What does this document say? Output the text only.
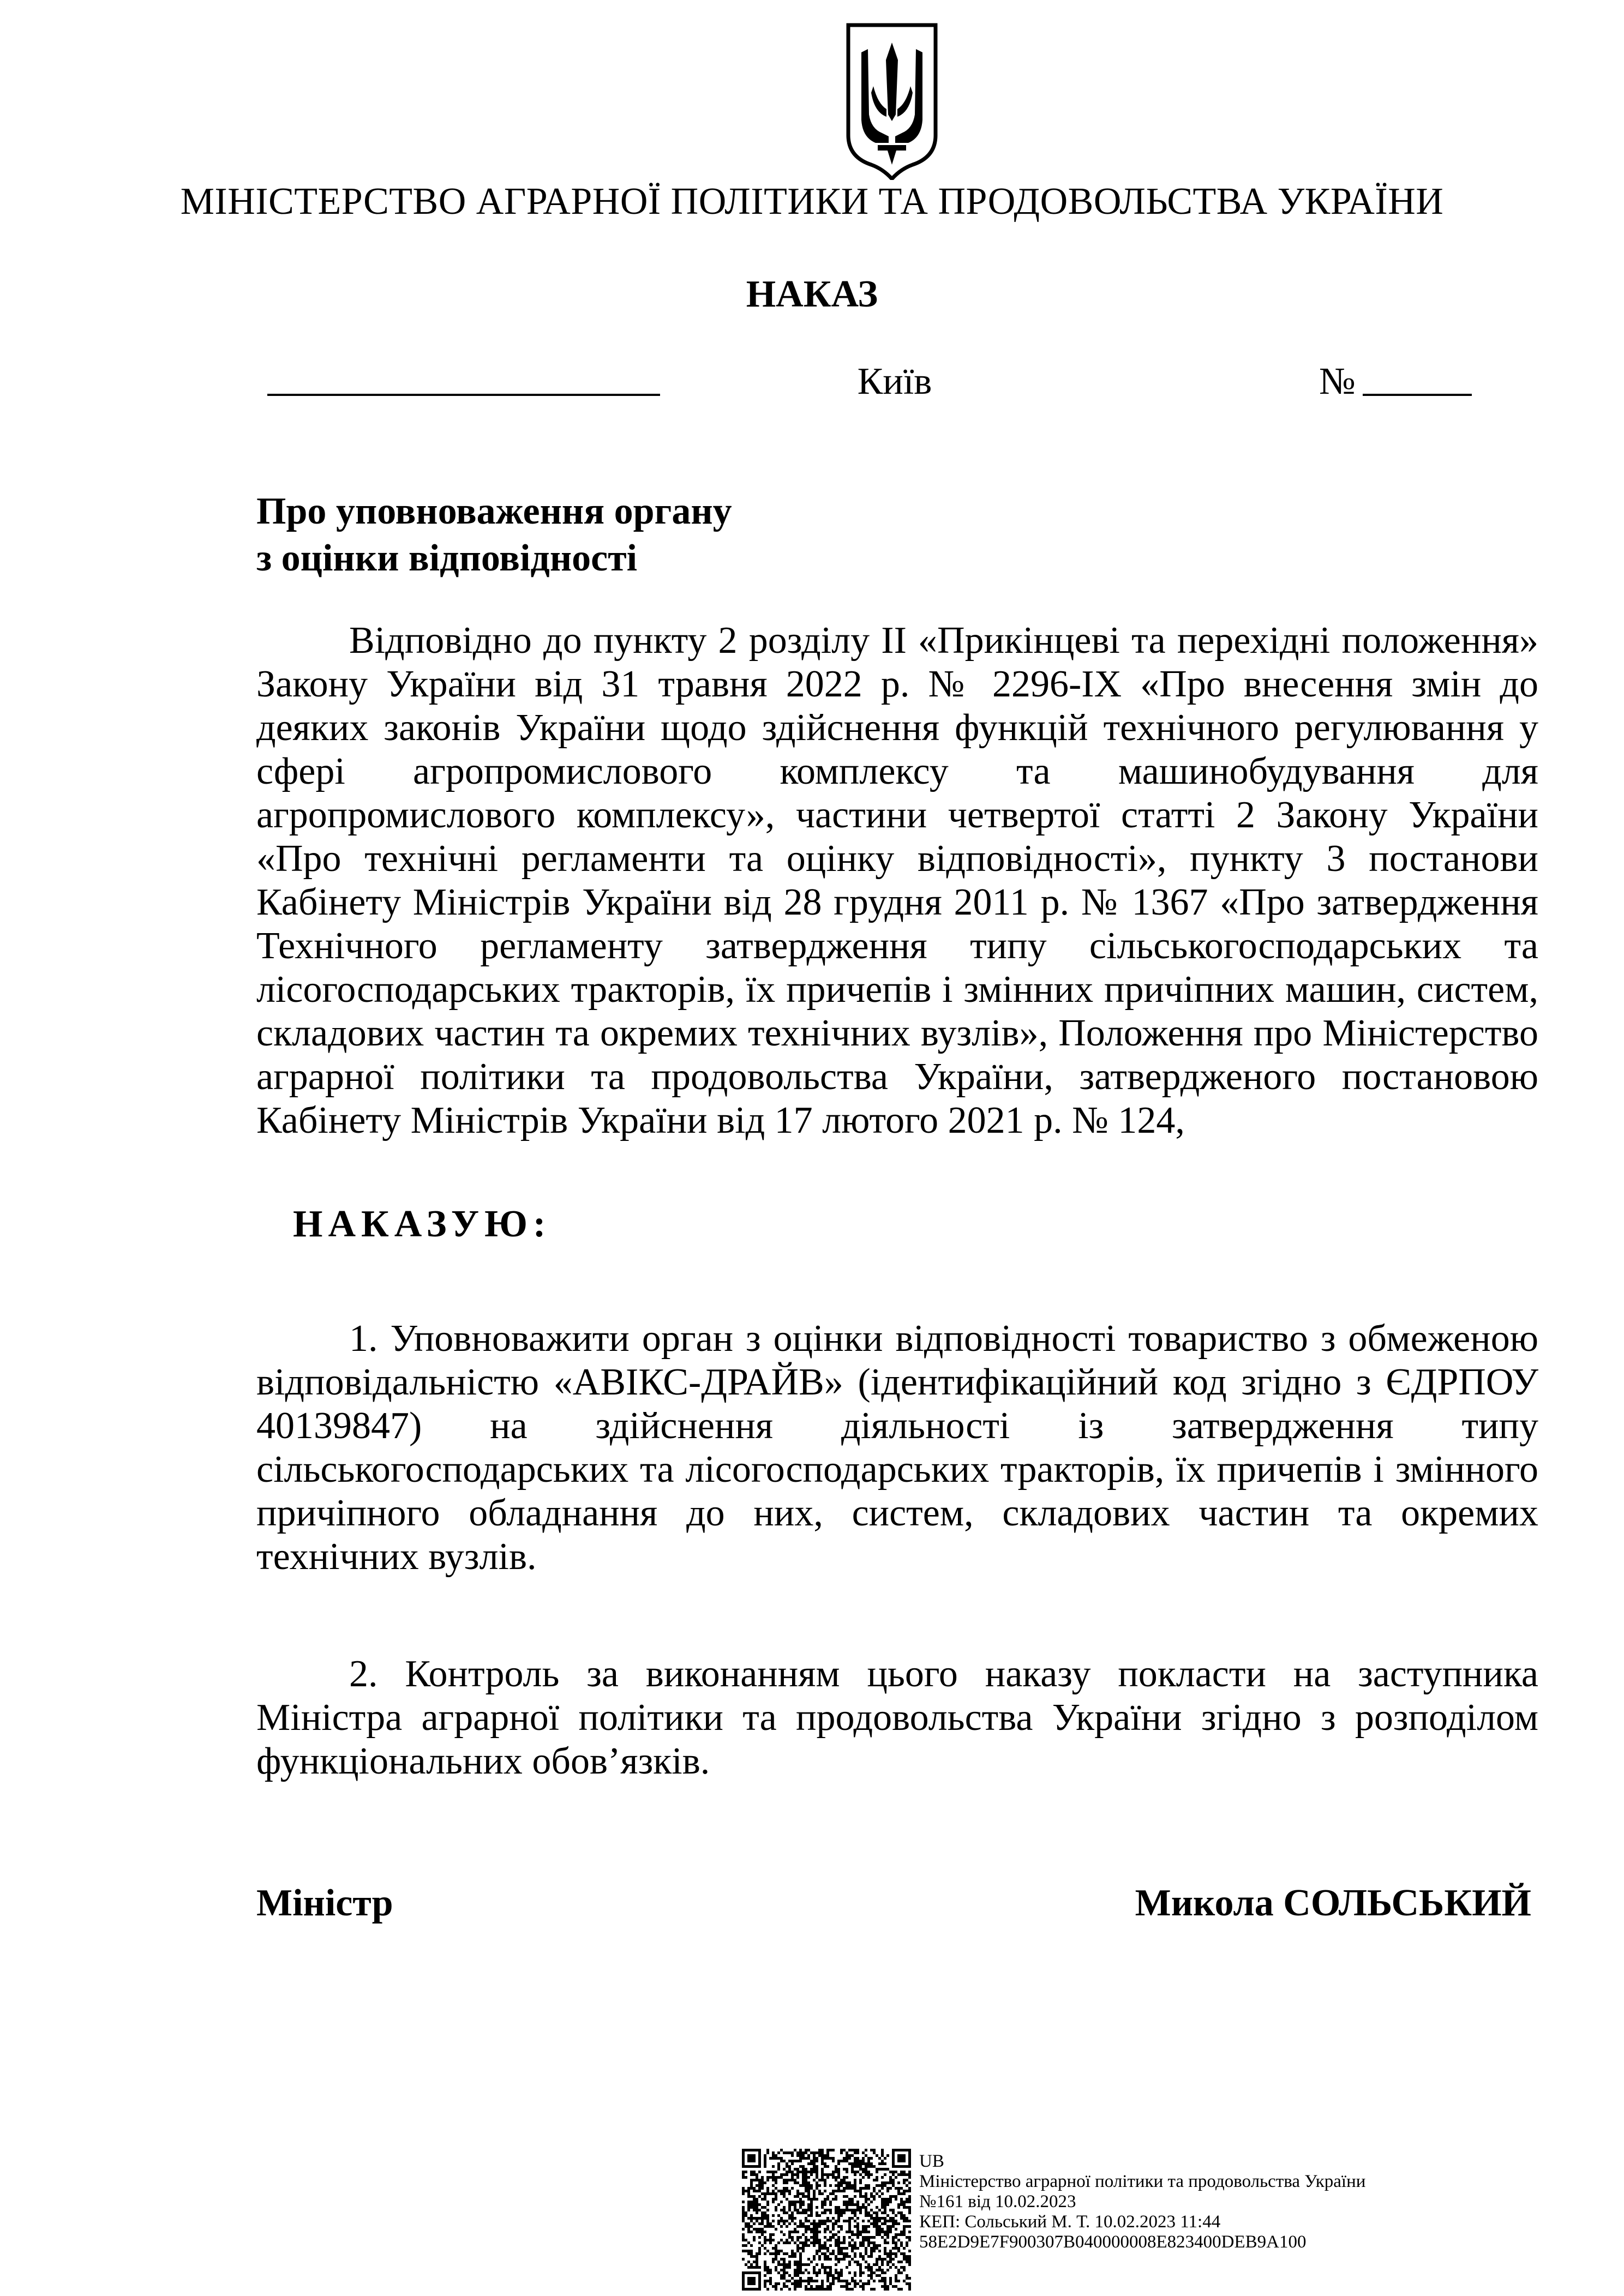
МІНІСТЕРСТВО АГРАРНОЇ ПОЛІТИКИ ТА ПРОДОВОЛЬСТВА УКРАЇНИ
НАКАЗ
Київ	№
Про уповноваження органу
з оцінки відповідності

Відповідно до пункту 2 розділу II «Прикінцеві та перехідні положення» Закону України від 31 травня 2022 р. № 2296-IX «Про внесення змін до деяких законів України щодо здійснення функцій технічного регулювання у сфері агропромислового комплексу та машинобудування для агропромислового комплексу», частини четвертої статті 2 Закону України «Про технічні регламенти та оцінку відповідності», пункту 3 постанови Кабінету Міністрів України від 28 грудня 2011 р. № 1367 «Про затвердження Технічного регламенту затвердження типу сільськогосподарських та лісогосподарських тракторів, їх причепів і змінних причіпних машин, систем, складових частин та окремих технічних вузлів», Положення про Міністерство аграрної політики та продовольства України, затвердженого постановою Кабінету Міністрів України від 17 лютого 2021 р. № 124,

НАКАЗУЮ:

1. Уповноважити орган з оцінки відповідності товариство з обмеженою відповідальністю «АВІКС-ДРАЙВ» (ідентифікаційний код згідно з ЄДРПОУ 40139847) на здійснення діяльності із затвердження типу сільськогосподарських та лісогосподарських тракторів, їх причепів і змінного причіпного обладнання до них, систем, складових частин та окремих технічних вузлів.

2. Контроль за виконанням цього наказу покласти на заступника Міністра аграрної політики та продовольства України згідно з розподілом функціональних обов’язків.

Міністр	Микола СОЛЬСЬКИЙ
UB
Міністерство аграрної політики та продовольства України
№161 від 10.02.2023
КЕП: Сольський М. Т. 10.02.2023 11:44
58E2D9E7F900307B040000008E823400DEB9A100
